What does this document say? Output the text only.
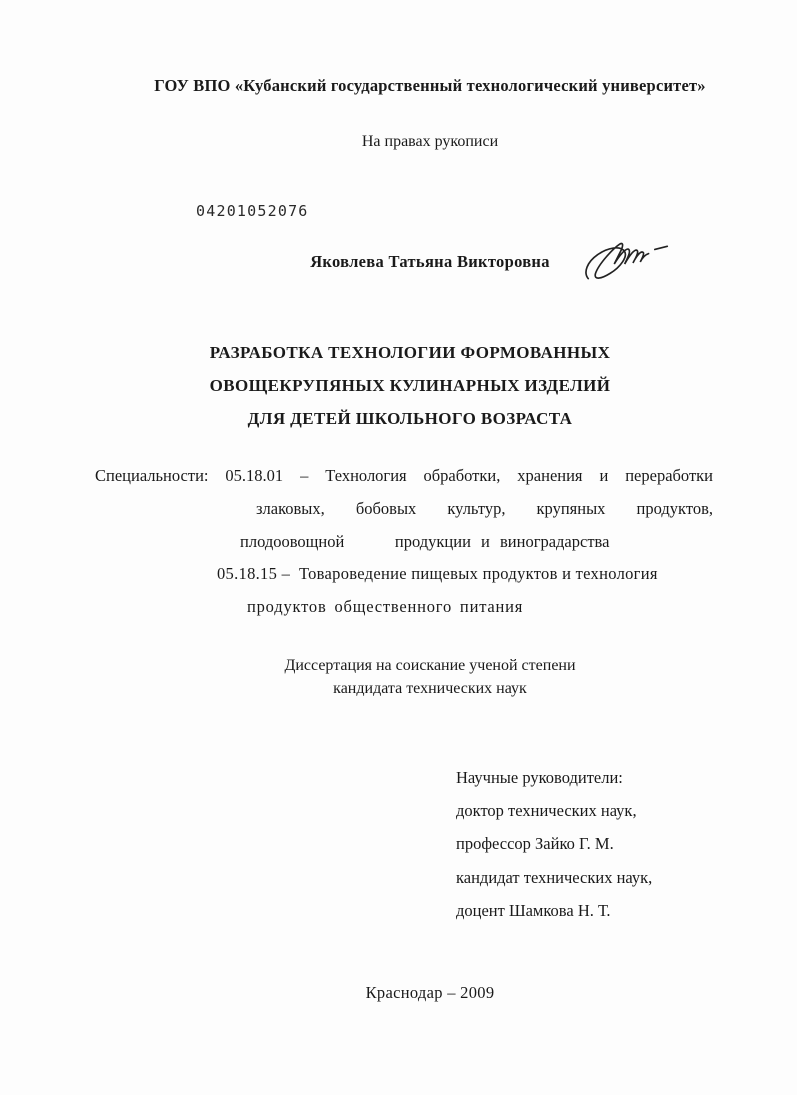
ГОУ ВПО «Кубанский государственный технологический университет»
На правах рукописи
04201052076
Яковлева Татьяна Викторовна
РАЗРАБОТКА ТЕХНОЛОГИИ ФОРМОВАННЫХ
ОВОЩЕКРУПЯНЫХ КУЛИНАРНЫХ ИЗДЕЛИЙ
ДЛЯ ДЕТЕЙ ШКОЛЬНОГО ВОЗРАСТА
Специальности: 05.18.01 – Технология обработки, хранения и переработки
злаковых, бобовых культур, крупяных продуктов,
плодоовощной     продукции и виноградарства
05.18.15 –  Товароведение пищевых продуктов и технология
продуктов общественного питания
Диссертация на соискание ученой степени
кандидата технических наук
Научные руководители:
доктор технических наук,
профессор Зайко Г. М.
кандидат технических наук,
доцент Шамкова Н. Т.
Краснодар – 2009
